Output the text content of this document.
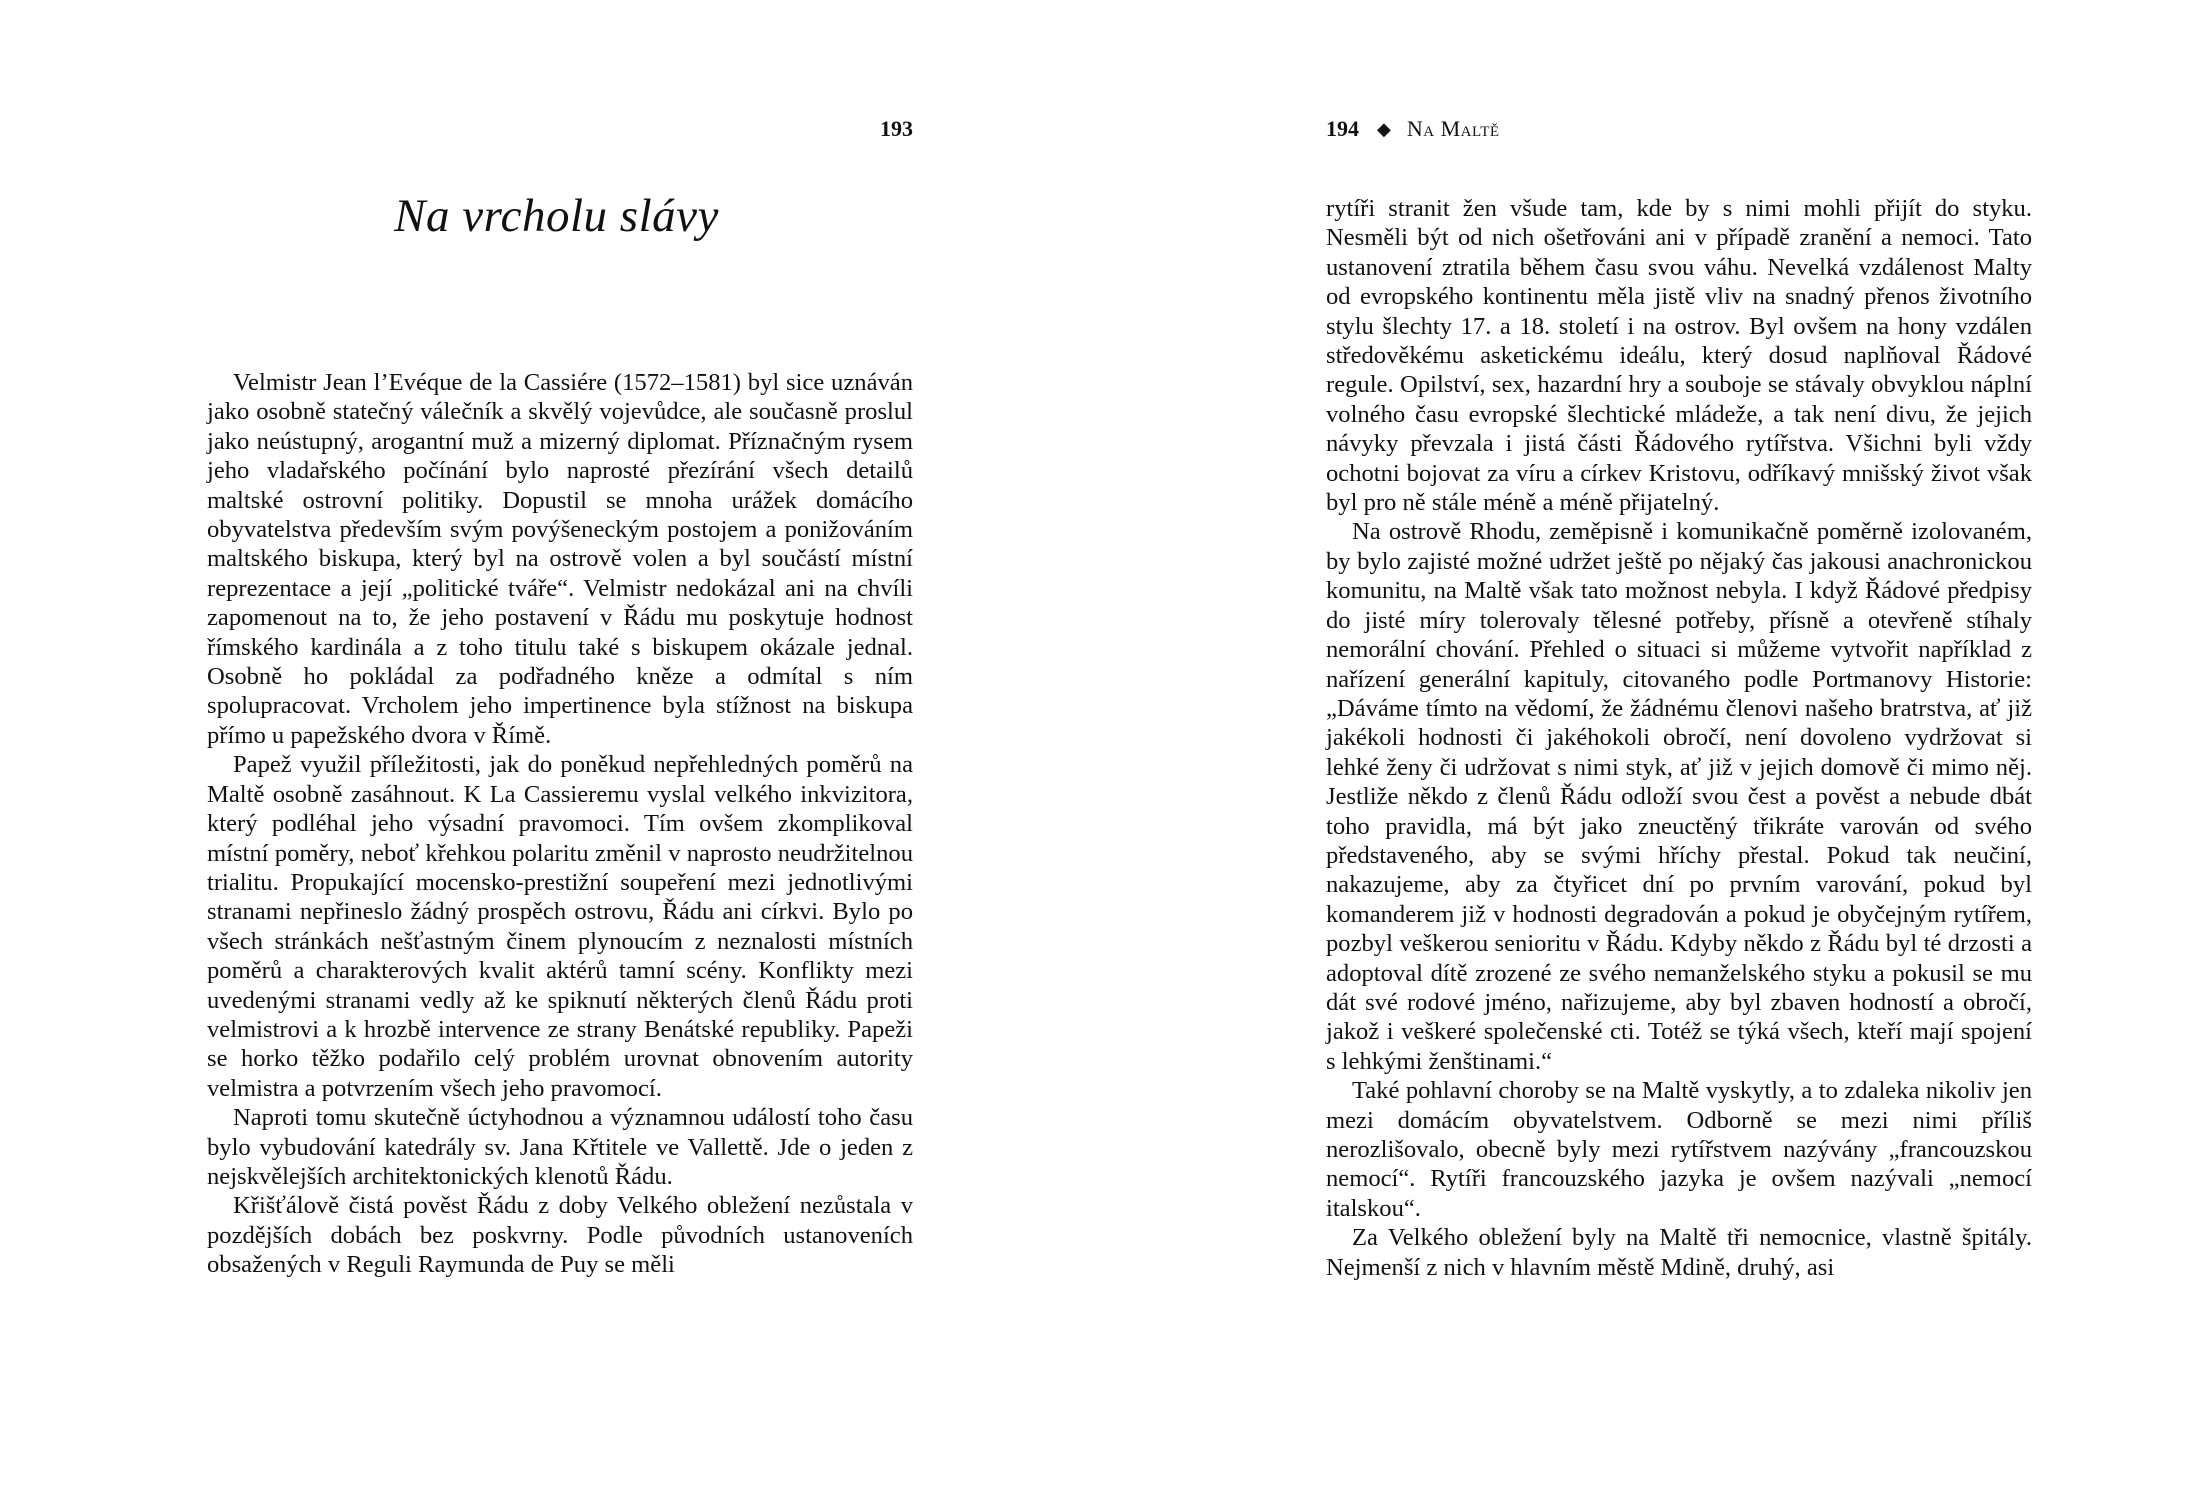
193
Na vrcholu slávy

Velmistr Jean l’Evéque de la Cassiére (1572–1581) byl sice uznáván jako osobně statečný válečník a skvělý vojevůdce, ale současně proslul jako neústupný, arogantní muž a mizerný diplomat. Příznačným rysem jeho vladařského počínání bylo naprosté přezírání všech detailů maltské ostrovní politiky. Dopustil se mnoha urážek domácího obyvatelstva především svým povýšeneckým postojem a ponižováním maltského biskupa, který byl na ostrově volen a byl součástí místní reprezentace a její „politické tváře“. Velmistr nedokázal ani na chvíli zapomenout na to, že jeho postavení v Řádu mu poskytuje hodnost římského kardinála a z toho titulu také s biskupem okázale jednal. Osobně ho pokládal za podřadného kněze a odmítal s ním spolupracovat. Vrcholem jeho impertinence byla stížnost na biskupa přímo u papežského dvora v Římě.

Papež využil příležitosti, jak do poněkud nepřehledných poměrů na Maltě osobně zasáhnout. K La Cassieremu vyslal velkého inkvizitora, který podléhal jeho výsadní pravomoci. Tím ovšem zkomplikoval místní poměry, neboť křehkou polaritu změnil v naprosto neudržitelnou trialitu. Propukající mocensko-prestižní soupeření mezi jednotlivými stranami nepřineslo žádný prospěch ostrovu, Řádu ani církvi. Bylo po všech stránkách nešťastným činem plynoucím z neznalosti místních poměrů a charakterových kvalit aktérů tamní scény. Konflikty mezi uvedenými stranami vedly až ke spiknutí některých členů Řádu proti velmistrovi a k hrozbě intervence ze strany Benátské republiky. Papeži se horko těžko podařilo celý problém urovnat obnovením autority velmistra a potvrzením všech jeho pravomocí.

Naproti tomu skutečně úctyhodnou a významnou událostí toho času bylo vybudování katedrály sv. Jana Křtitele ve Vallettě. Jde o jeden z nejskvělejších architektonických klenotů Řádu.

Křišťálově čistá pověst Řádu z doby Velkého obležení nezůstala v pozdějších dobách bez poskvrny. Podle původních ustanoveních obsažených v Reguli Raymunda de Puy se měli

194 ◆ Na Maltě

rytíři stranit žen všude tam, kde by s nimi mohli přijít do styku. Nesměli být od nich ošetřováni ani v případě zranění a nemoci. Tato ustanovení ztratila během času svou váhu. Nevelká vzdálenost Malty od evropského kontinentu měla jistě vliv na snadný přenos životního stylu šlechty 17. a 18. století i na ostrov. Byl ovšem na hony vzdálen středověkému asketickému ideálu, který dosud naplňoval Řádové regule. Opilství, sex, hazardní hry a souboje se stávaly obvyklou náplní volného času evropské šlechtické mládeže, a tak není divu, že jejich návyky převzala i jistá části Řádového rytířstva. Všichni byli vždy ochotni bojovat za víru a církev Kristovu, odříkavý mnišský život však byl pro ně stále méně a méně přijatelný.

Na ostrově Rhodu, zeměpisně i komunikačně poměrně izolovaném, by bylo zajisté možné udržet ještě po nějaký čas jakousi anachronickou komunitu, na Maltě však tato možnost nebyla. I když Řádové předpisy do jisté míry tolerovaly tělesné potřeby, přísně a otevřeně stíhaly nemorální chování. Přehled o situaci si můžeme vytvořit například z nařízení generální kapituly, citovaného podle Portmanovy Historie: „Dáváme tímto na vědomí, že žádnému členovi našeho bratrstva, ať již jakékoli hodnosti či jakéhokoli obročí, není dovoleno vydržovat si lehké ženy či udržovat s nimi styk, ať již v jejich domově či mimo něj. Jestliže někdo z členů Řádu odloží svou čest a pověst a nebude dbát toho pravidla, má být jako zneuctěný třikráte varován od svého představeného, aby se svými hříchy přestal. Pokud tak neučiní, nakazujeme, aby za čtyřicet dní po prvním varování, pokud byl komanderem již v hodnosti degradován a pokud je obyčejným rytířem, pozbyl veškerou senioritu v Řádu. Kdyby někdo z Řádu byl té drzosti a adoptoval dítě zrozené ze svého nemanželského styku a pokusil se mu dát své rodové jméno, nařizujeme, aby byl zbaven hodností a obročí, jakož i veškeré společenské cti. Totéž se týká všech, kteří mají spojení s lehkými ženštinami.“

Také pohlavní choroby se na Maltě vyskytly, a to zdaleka nikoliv jen mezi domácím obyvatelstvem. Odborně se mezi nimi příliš nerozlišovalo, obecně byly mezi rytířstvem nazývány „francouzskou nemocí“. Rytíři francouzského jazyka je ovšem nazývali „nemocí italskou“.

Za Velkého obležení byly na Maltě tři nemocnice, vlastně špitály. Nejmenší z nich v hlavním městě Mdině, druhý, asi
